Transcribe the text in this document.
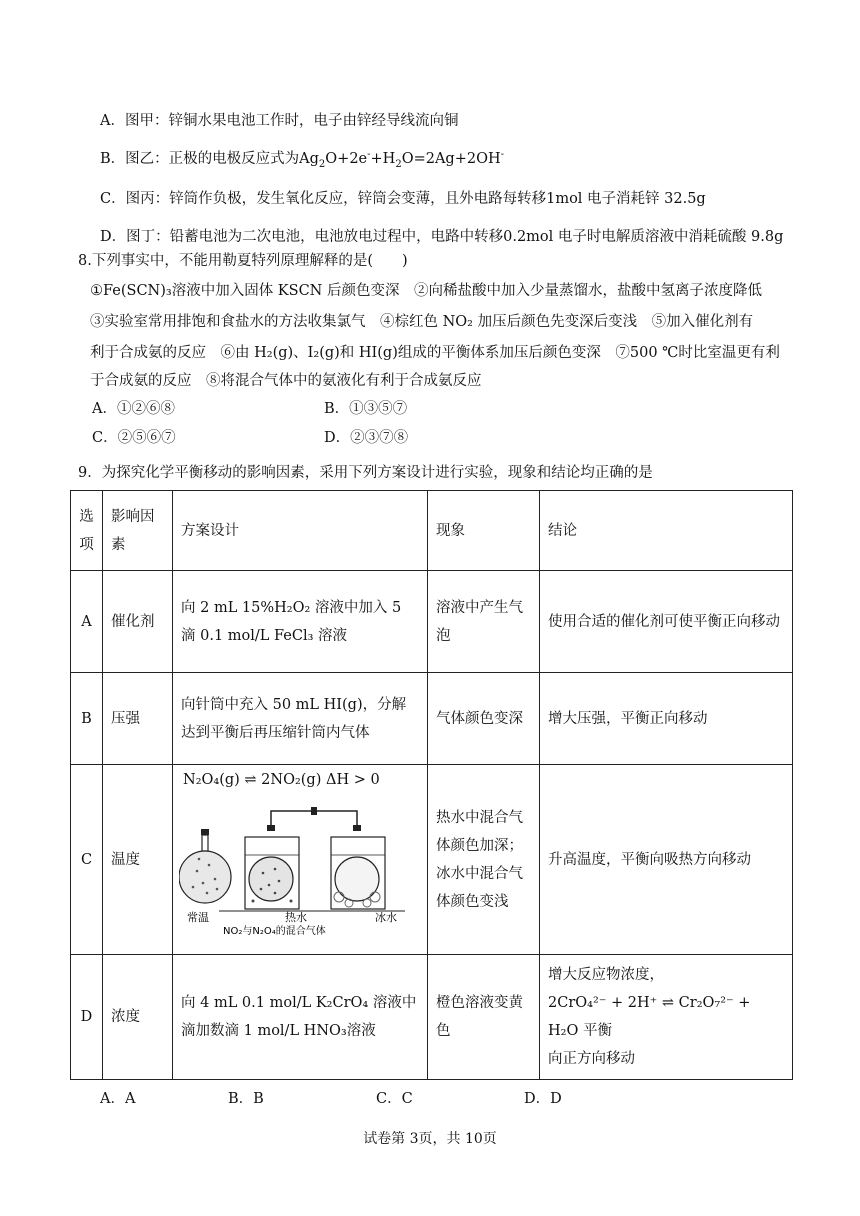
A．图甲：锌铜水果电池工作时，电子由锌经导线流向铜
B．图乙：正极的电极反应式为$Ag_2O+2e^-+H_2O=2Ag+2OH^-$
C．图丙：锌筒作负极，发生氧化反应，锌筒会变薄，且外电路每转移1mol 电子消耗锌 32.5g
D．图丁：铅蓄电池为二次电池，电池放电过程中，电路中转移0.2mol 电子时电解质溶液中消耗硫酸 9.8g
8.下列事实中，不能用勒夏特列原理解释的是(　　)
①Fe(SCN)₃溶液中加入固体 KSCN 后颜色变深　②向稀盐酸中加入少量蒸馏水，盐酸中氢离子浓度降低
③实验室常用排饱和食盐水的方法收集氯气　④棕红色 NO₂ 加压后颜色先变深后变浅　⑤加入催化剂有
利于合成氨的反应　⑥由 H₂(g)、I₂(g)和 HI(g)组成的平衡体系加压后颜色变深　⑦500 ℃时比室温更有利
于合成氨的反应　⑧将混合气体中的氨液化有利于合成氨反应
A．①②⑥⑧	B．①③⑤⑦
C．②⑤⑥⑦	D．②③⑦⑧
9．为探究化学平衡移动的影响因素，采用下列方案设计进行实验，现象和结论均正确的是
选项	影响因素	方案设计	现象	结论
A	催化剂	向 2 mL 15%H₂O₂ 溶液中加入 5 滴 0.1 mol/L FeCl₃ 溶液	溶液中产生气泡	使用合适的催化剂可使平衡正向移动
B	压强	向针筒中充入 50 mL HI(g)，分解达到平衡后再压缩针筒内气体	气体颜色变深	增大压强，平衡正向移动
C	温度	N₂O₄(g) ⇌ 2NO₂(g) ΔH > 0
常温 热水 冰水
NO₂与N₂O₄的混合气体	热水中混合气体颜色加深；冰水中混合气体颜色变浅	升高温度，平衡向吸热方向移动
D	浓度	向 4 mL 0.1 mol/L K₂CrO₄ 溶液中滴加数滴 1 mol/L HNO₃溶液	橙色溶液变黄色	增大反应物浓度，
2CrO₄²⁻ + 2H⁺ ⇌ Cr₂O₇²⁻ + H₂O 平衡
向正方向移动
A．A	B．B	C．C	D．D
试卷第 3页，共 10页
